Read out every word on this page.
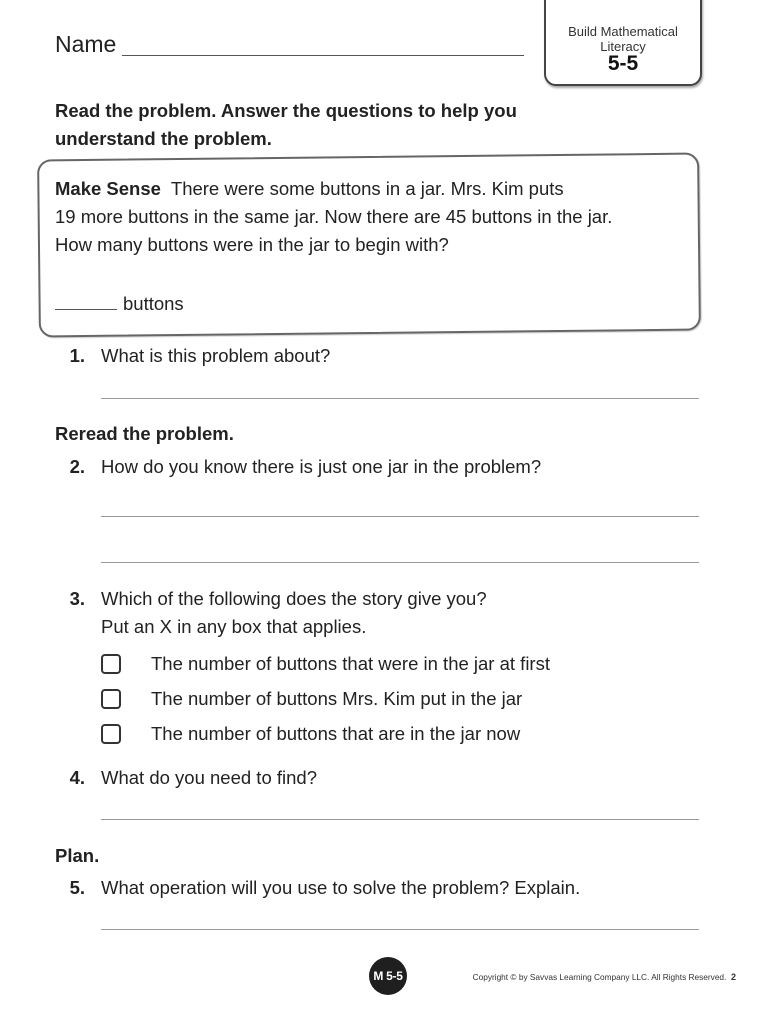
Name	Build Mathematical
Literacy
5-5
Read the problem. Answer the questions to help you
understand the problem.
Make Sense There were some buttons in a jar. Mrs. Kim puts
19 more buttons in the same jar. Now there are 45 buttons in the jar.
How many buttons were in the jar to begin with?
buttons
1. What is this problem about?
Reread the problem.
2. How do you know there is just one jar in the problem?
3. Which of the following does the story give you?
Put an X in any box that applies.
The number of buttons that were in the jar at first
The number of buttons Mrs. Kim put in the jar
The number of buttons that are in the jar now
4. What do you need to find?
Plan.
5. What operation will you use to solve the problem? Explain.
M 5-5	Copyright © by Savvas Learning Company LLC. All Rights Reserved. 2
